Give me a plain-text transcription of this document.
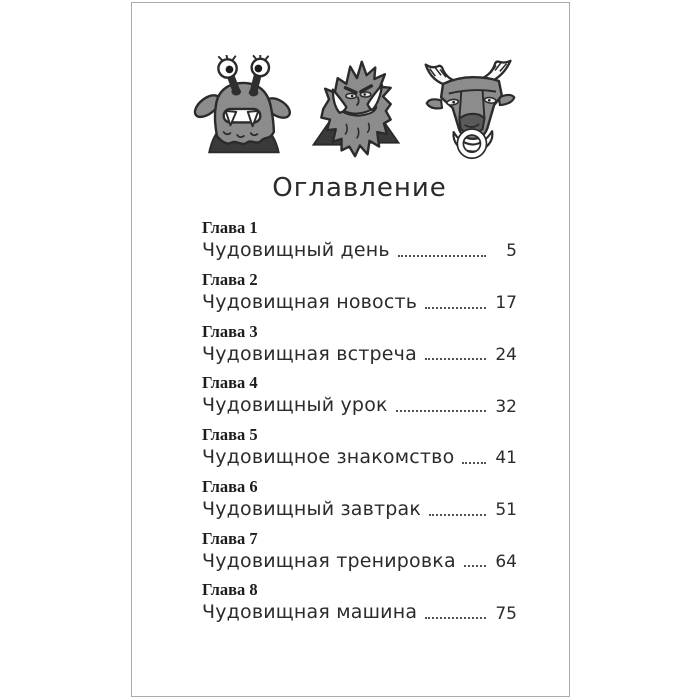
Оглавление
Глава 1
Чудовищный день	5
Глава 2
Чудовищная новость	17
Глава 3
Чудовищная встреча	24
Глава 4
Чудовищный урок	32
Глава 5
Чудовищное знакомство 41
Глава 6
Чудовищный завтрак	51
Глава 7
Чудовищная тренировка 64
Глава 8
Чудовищная машина	75
